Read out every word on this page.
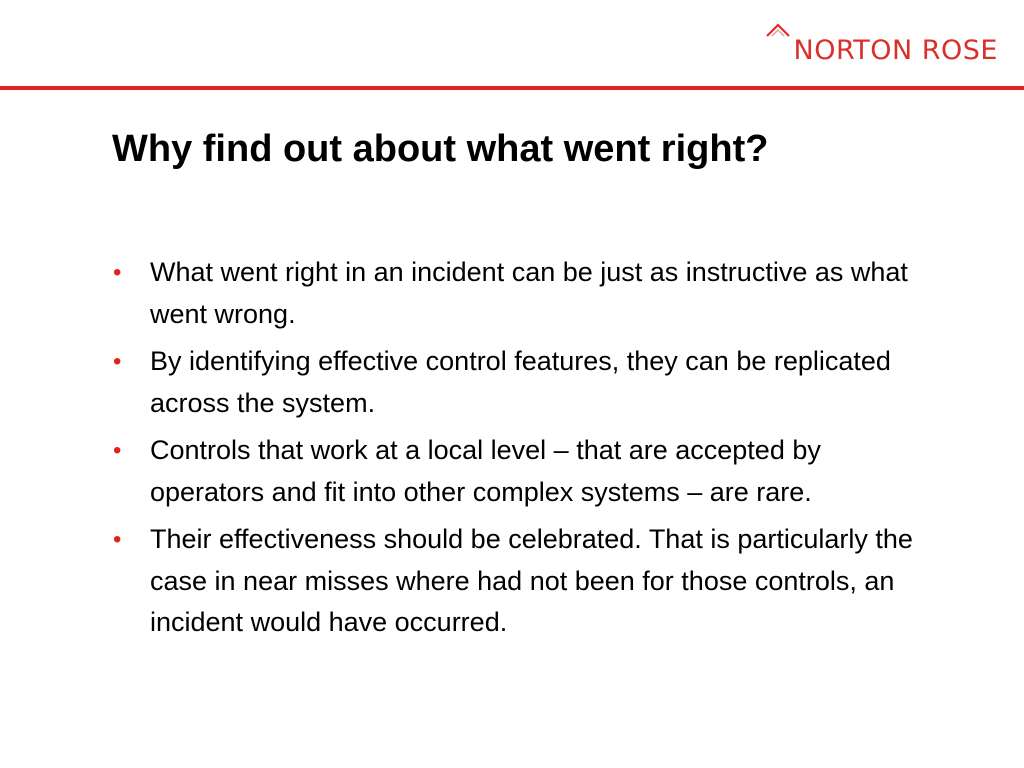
NORTON ROSE
Why find out about what went right?
• What went right in an incident can be just as instructive as what went wrong.
• By identifying effective control features, they can be replicated across the system.
• Controls that work at a local level – that are accepted by operators and fit into other complex systems – are rare.
• Their effectiveness should be celebrated. That is particularly the case in near misses where had not been for those controls, an incident would have occurred.
